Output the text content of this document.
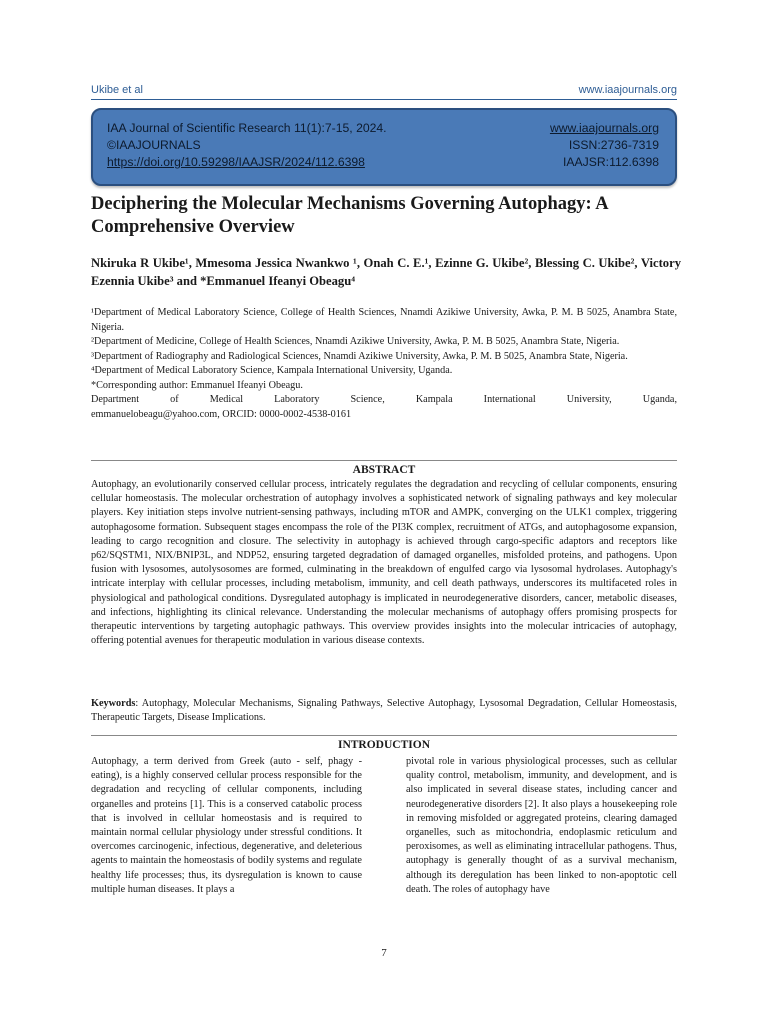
Ukibe et al	www.iaajournals.org
IAA Journal of Scientific Research 11(1):7-15, 2024.	www.iaajournals.org
©IAAJOURNALS	ISSN:2736-7319
https://doi.org/10.59298/IAAJSR/2024/112.6398	IAAJSR:112.6398
Deciphering the Molecular Mechanisms Governing Autophagy: A Comprehensive Overview

Nkiruka R Ukibe¹, Mmesoma Jessica Nwankwo ¹, Onah C. E.¹, Ezinne G. Ukibe², Blessing C. Ukibe², Victory Ezennia Ukibe³ and *Emmanuel Ifeanyi Obeagu⁴

¹Department of Medical Laboratory Science, College of Health Sciences, Nnamdi Azikiwe University, Awka, P. M. B 5025, Anambra State, Nigeria.

²Department of Medicine, College of Health Sciences, Nnamdi Azikiwe University, Awka, P. M. B 5025, Anambra State, Nigeria.

³Department of Radiography and Radiological Sciences, Nnamdi Azikiwe University, Awka, P. M. B 5025, Anambra State, Nigeria.

⁴Department of Medical Laboratory Science, Kampala International University, Uganda.

*Corresponding author: Emmanuel Ifeanyi Obeagu.

Department of Medical Laboratory Science, Kampala International University, Uganda,

emmanuelobeagu@yahoo.com, ORCID: 0000-0002-4538-0161

ABSTRACT

Autophagy, an evolutionarily conserved cellular process, intricately regulates the degradation and recycling of cellular components, ensuring cellular homeostasis. The molecular orchestration of autophagy involves a sophisticated network of signaling pathways and key molecular players. Key initiation steps involve nutrient-sensing pathways, including mTOR and AMPK, converging on the ULK1 complex, triggering autophagosome formation. Subsequent stages encompass the role of the PI3K complex, recruitment of ATGs, and autophagosome expansion, leading to cargo recognition and closure. The selectivity in autophagy is achieved through cargo-specific adaptors and receptors like p62/SQSTM1, NIX/BNIP3L, and NDP52, ensuring targeted degradation of damaged organelles, misfolded proteins, and pathogens. Upon fusion with lysosomes, autolysosomes are formed, culminating in the breakdown of engulfed cargo via lysosomal hydrolases. Autophagy's intricate interplay with cellular processes, including metabolism, immunity, and cell death pathways, underscores its multifaceted roles in physiological and pathological conditions. Dysregulated autophagy is implicated in neurodegenerative disorders, cancer, metabolic diseases, and infections, highlighting its clinical relevance. Understanding the molecular mechanisms of autophagy offers promising prospects for therapeutic interventions by targeting autophagic pathways. This overview provides insights into the molecular intricacies of autophagy, offering potential avenues for therapeutic modulation in various disease contexts.

Keywords: Autophagy, Molecular Mechanisms, Signaling Pathways, Selective Autophagy, Lysosomal Degradation, Cellular Homeostasis, Therapeutic Targets, Disease Implications.

INTRODUCTION

Autophagy, a term derived from Greek (auto - self, phagy - eating), is a highly conserved cellular process responsible for the degradation and recycling of cellular components, including organelles and proteins [1]. This is a conserved catabolic process that is involved in cellular homeostasis and is required to maintain normal cellular physiology under stressful conditions. It overcomes carcinogenic, infectious, degenerative, and deleterious agents to maintain the homeostasis of bodily systems and regulate healthy life processes; thus, its dysregulation is known to cause multiple human diseases. It plays a

pivotal role in various physiological processes, such as cellular quality control, metabolism, immunity, and development, and is also implicated in several disease states, including cancer and neurodegenerative disorders [2]. It also plays a housekeeping role in removing misfolded or aggregated proteins, clearing damaged organelles, such as mitochondria, endoplasmic reticulum and peroxisomes, as well as eliminating intracellular pathogens. Thus, autophagy is generally thought of as a survival mechanism, although its deregulation has been linked to non-apoptotic cell death. The roles of autophagy have

7
